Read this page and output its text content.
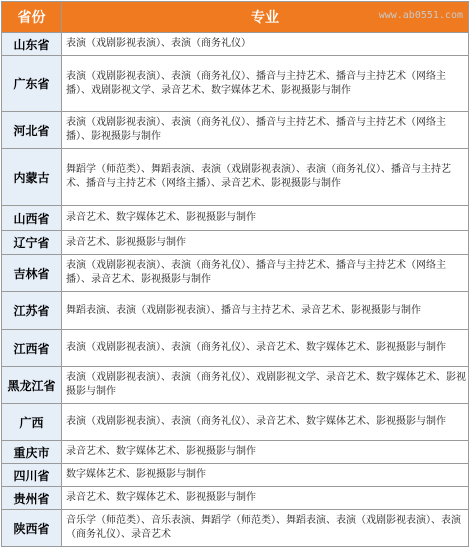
省份	专业
山东省	表演（戏剧影视表演）、表演（商务礼仪）
广东省	表演（戏剧影视表演）、表演（商务礼仪）、播音与主持艺术、播音与主持艺术（网络主播）、戏剧影视文学、录音艺术、数字媒体艺术、影视摄影与制作
河北省	表演（戏剧影视表演）、表演（商务礼仪）、播音与主持艺术、播音与主持艺术（网络主播）、影视摄影与制作
内蒙古	舞蹈学（师范类）、舞蹈表演、表演（戏剧影视表演）、表演（商务礼仪）、播音与主持艺术、播音与主持艺术（网络主播）、录音艺术、影视摄影与制作
山西省	录音艺术、数字媒体艺术、影视摄影与制作
辽宁省	录音艺术、影视摄影与制作
吉林省	表演（戏剧影视表演）、表演（商务礼仪）、播音与主持艺术、播音与主持艺术（网络主播）、录音艺术、影视摄影与制作
江苏省	舞蹈表演、表演（戏剧影视表演）、播音与主持艺术、录音艺术、影视摄影与制作
江西省	表演（戏剧影视表演）、表演（商务礼仪）、录音艺术、数字媒体艺术、影视摄影与制作
黑龙江省	表演（戏剧影视表演）、表演（商务礼仪）、戏剧影视文学、录音艺术、数字媒体艺术、影视摄影与制作
广西	表演（戏剧影视表演）、表演（商务礼仪）、录音艺术、数字媒体艺术、影视摄影与制作
重庆市	录音艺术、数字媒体艺术、影视摄影与制作
四川省	数字媒体艺术、影视摄影与制作
贵州省	录音艺术、数字媒体艺术、影视摄影与制作
陕西省	音乐学（师范类）、音乐表演、舞蹈学（师范类）、舞蹈表演、表演（戏剧影视表演）、表演（商务礼仪）、录音艺术
www.ab0551.com
